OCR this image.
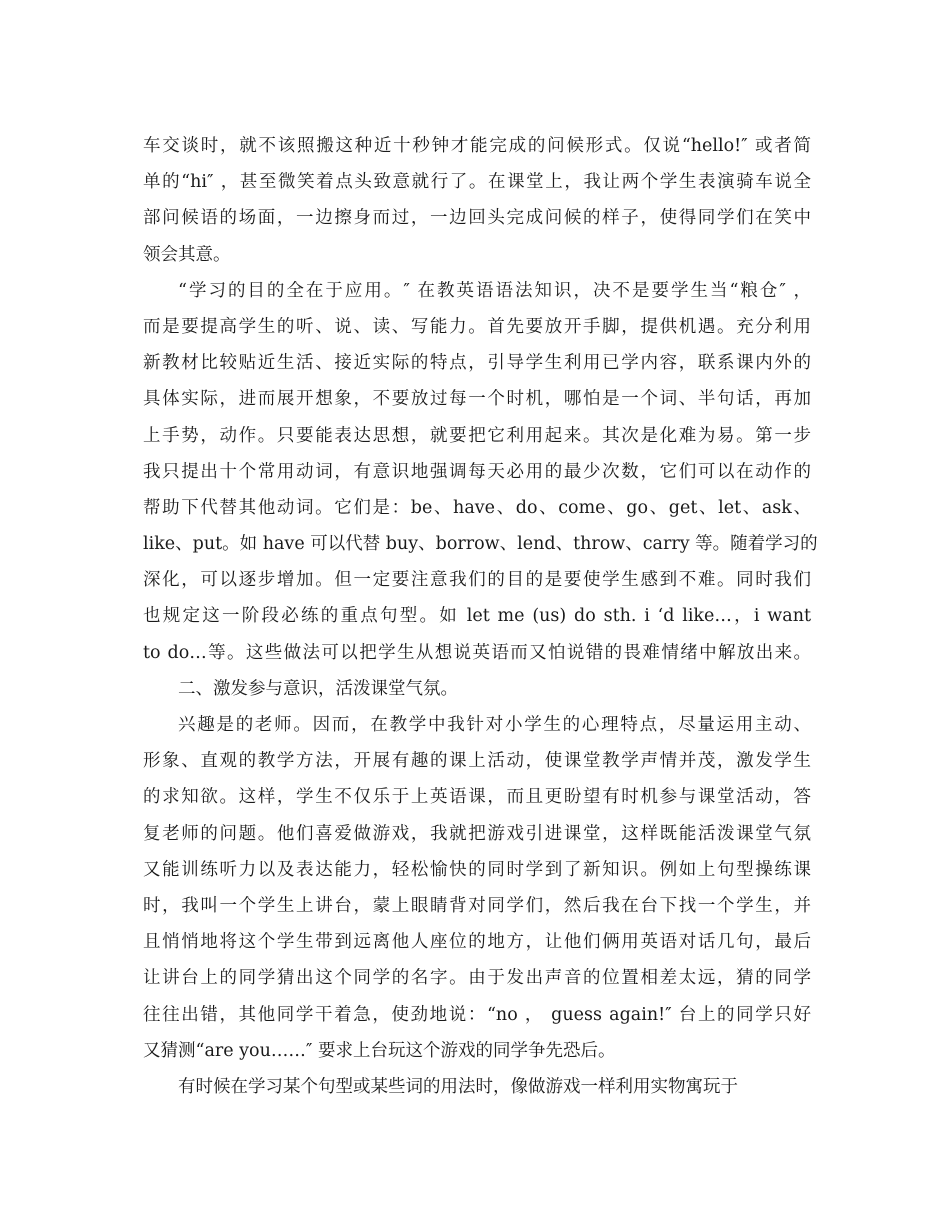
车交谈时，就不该照搬这种近十秒钟才能完成的问候形式。仅说“hello!″ 或者简
单的“hi″ ，甚至微笑着点头致意就行了。在课堂上，我让两个学生表演骑车说全
部问候语的场面，一边擦身而过，一边回头完成问候的样子，使得同学们在笑中
领会其意。
“学习的目的全在于应用。″ 在教英语语法知识，决不是要学生当“粮仓″ ，
而是要提高学生的听、说、读、写能力。首先要放开手脚，提供机遇。充分利用
新教材比较贴近生活、接近实际的特点，引导学生利用已学内容，联系课内外的
具体实际，进而展开想象，不要放过每一个时机，哪怕是一个词、半句话，再加
上手势，动作。只要能表达思想，就要把它利用起来。其次是化难为易。第一步
我只提出十个常用动词，有意识地强调每天必用的最少次数，它们可以在动作的
帮助下代替其他动词。它们是：be、have、do、come、go、get、let、ask、
like、put。如 have 可以代替 buy、borrow、lend、throw、carry 等。随着学习的
深化，可以逐步增加。但一定要注意我们的目的是要使学生感到不难。同时我们
也规定这一阶段必练的重点句型。如 let me (us) do sth. i ‘d like…，i want
to do…等。这些做法可以把学生从想说英语而又怕说错的畏难情绪中解放出来。
二、激发参与意识，活泼课堂气氛。
兴趣是的老师。因而，在教学中我针对小学生的心理特点，尽量运用主动、
形象、直观的教学方法，开展有趣的课上活动，使课堂教学声情并茂，激发学生
的求知欲。这样，学生不仅乐于上英语课，而且更盼望有时机参与课堂活动，答
复老师的问题。他们喜爱做游戏，我就把游戏引进课堂，这样既能活泼课堂气氛
又能训练听力以及表达能力，轻松愉快的同时学到了新知识。例如上句型操练课
时，我叫一个学生上讲台，蒙上眼睛背对同学们，然后我在台下找一个学生，并
且悄悄地将这个学生带到远离他人座位的地方，让他们俩用英语对话几句，最后
让讲台上的同学猜出这个同学的名字。由于发出声音的位置相差太远，猜的同学
往往出错，其他同学干着急，使劲地说：“no ， guess again!″ 台上的同学只好
又猜测“are you……″ 要求上台玩这个游戏的同学争先恐后。
有时候在学习某个句型或某些词的用法时，像做游戏一样利用实物寓玩于
